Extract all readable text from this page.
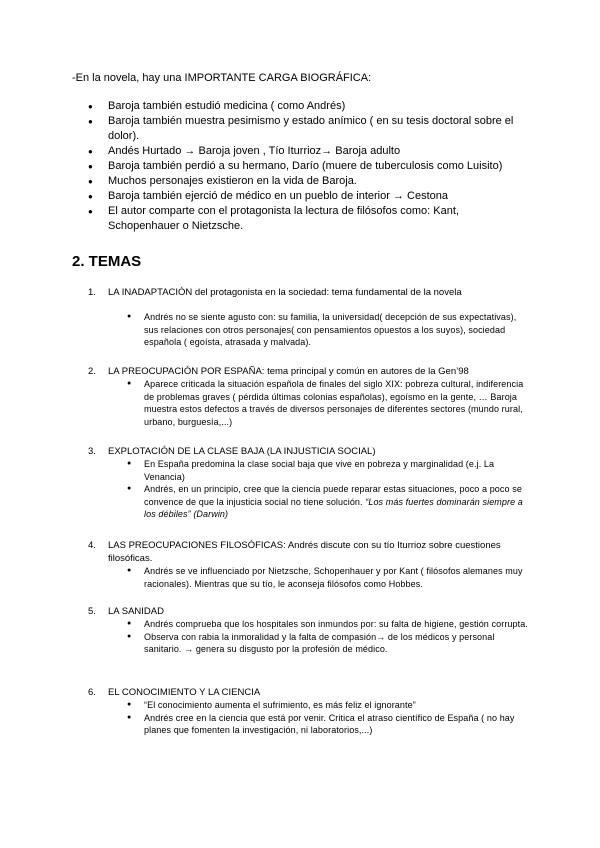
-En la novela, hay una IMPORTANTE CARGA BIOGRÁFICA:
● Baroja también estudió medicina ( como Andrés)
● Baroja también muestra pesimismo y estado anímico ( en su tesis doctoral sobre el dolor).
● Andés Hurtado → Baroja joven , Tío Iturrioz→ Baroja adulto
● Baroja también perdió a su hermano, Darío (muere de tuberculosis como Luisito)
● Muchos personajes existieron en la vida de Baroja.
● Baroja también ejerció de médico en un pueblo de interior → Cestona
● El autor comparte con el protagonista la lectura de filósofos como: Kant, Schopenhauer o Nietzsche.
2. TEMAS
1. LA INADAPTACIÓN del protagonista en la sociedad: tema fundamental de la novela
● Andrés no se siente agusto con: su familia, la universidad( decepción de sus expectativas), sus relaciones con otros personajes( con pensamientos opuestos a los suyos), sociedad española ( egoísta, atrasada y malvada).
2. LA PREOCUPACIÓN POR ESPAÑA: tema principal y común en autores de la Gen’98
● Aparece criticada la situación española de finales del siglo XIX: pobreza cultural, indiferencia de problemas graves ( pérdida últimas colonias españolas), egoísmo en la gente, … Baroja muestra estos defectos a través de diversos personajes de diferentes sectores (mundo rural, urbano, burguesía,...)
3. EXPLOTACIÓN DE LA CLASE BAJA (LA INJUSTICIA SOCIAL)
● En España predomina la clase social baja que vive en pobreza y marginalidad (e.j. La Venancia)
● Andrés, en un principio, cree que la ciencia puede reparar estas situaciones, poco a poco se convence de que la injusticia social no tiene solución. “Los más fuertes dominarán siempre a los débiles” (Darwin)
4. LAS PREOCUPACIONES FILOSÓFICAS: Andrés discute con su tío Iturrioz sobre cuestiones filosóficas.
● Andrés se ve influenciado por Nietzsche, Schopenhauer y por Kant ( filósofos alemanes muy racionales). Mientras que su tío, le aconseja filósofos como Hobbes.
5. LA SANIDAD
● Andrés comprueba que los hospitales son inmundos por: su falta de higiene, gestión corrupta.
● Observa con rabia la inmoralidad y la falta de compasión→ de los médicos y personal sanitario. → genera su disgusto por la profesión de médico.
6. EL CONOCIMIENTO Y LA CIENCIA
● “El conocimiento aumenta el sufrimiento, es más feliz el ignorante”
● Andrés cree en la ciencia que está por venir. Critica el atraso científico de España ( no hay planes que fomenten la investigación, ni laboratorios,...)
